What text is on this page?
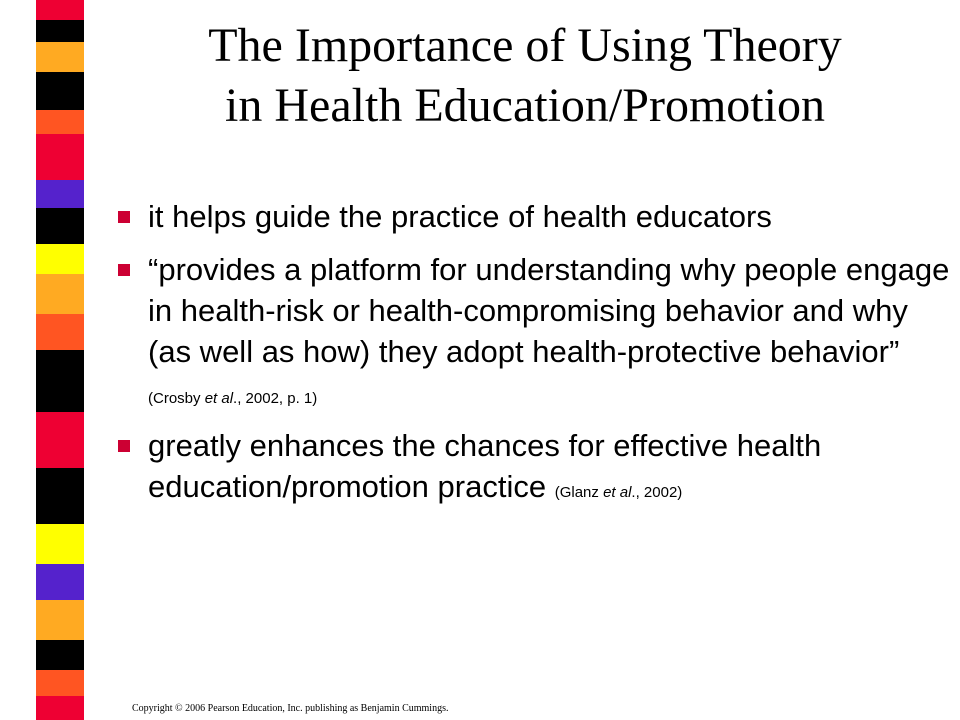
The Importance of Using Theory
in Health Education/Promotion
it helps guide the practice of health educators
“provides a platform for understanding why people engage in health-risk or health-compromising behavior and why (as well as how) they adopt health-protective behavior” (Crosby et al., 2002, p. 1)
greatly enhances the chances for effective health education/promotion practice (Glanz et al., 2002)
Copyright © 2006 Pearson Education, Inc. publishing as Benjamin Cummings.
